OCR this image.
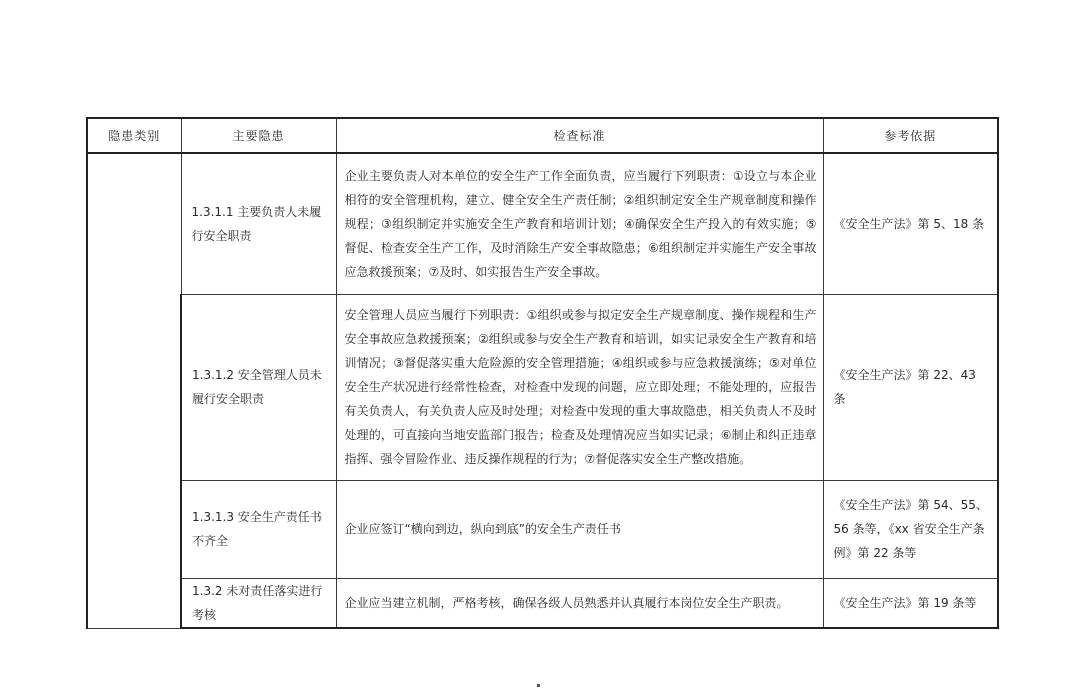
隐患类别	主要隐患	检查标准	参考依据
	1.3.1.1 主要负责人未履行安全职责	企业主要负责人对本单位的安全生产工作全面负责，应当履行下列职责：①设立与本企业相符的安全管理机构，建立、健全安全生产责任制；②组织制定安全生产规章制度和操作规程；③组织制定并实施安全生产教育和培训计划；④确保安全生产投入的有效实施；⑤督促、检查安全生产工作，及时消除生产安全事故隐患；⑥组织制定并实施生产安全事故应急救援预案；⑦及时、如实报告生产安全事故。	《安全生产法》第 5、18 条
	1.3.1.2 安全管理人员未履行安全职责	安全管理人员应当履行下列职责：①组织或参与拟定安全生产规章制度、操作规程和生产安全事故应急救援预案；②组织或参与安全生产教育和培训，如实记录安全生产教育和培训情况；③督促落实重大危险源的安全管理措施；④组织或参与应急救援演练；⑤对单位安全生产状况进行经常性检查，对检查中发现的问题，应立即处理；不能处理的，应报告有关负责人，有关负责人应及时处理；对检查中发现的重大事故隐患，相关负责人不及时处理的，可直接向当地安监部门报告；检查及处理情况应当如实记录；⑥制止和纠正违章指挥、强令冒险作业、违反操作规程的行为；⑦督促落实安全生产整改措施。	《安全生产法》第 22、43 条
	1.3.1.3 安全生产责任书不齐全	企业应签订“横向到边，纵向到底”的安全生产责任书	《安全生产法》第 54、55、56 条等，《xx 省安全生产条例》第 22 条等
	1.3.2 未对责任落实进行考核	企业应当建立机制，严格考核，确保各级人员熟悉并认真履行本岗位安全生产职责。	《安全生产法》第 19 条等
